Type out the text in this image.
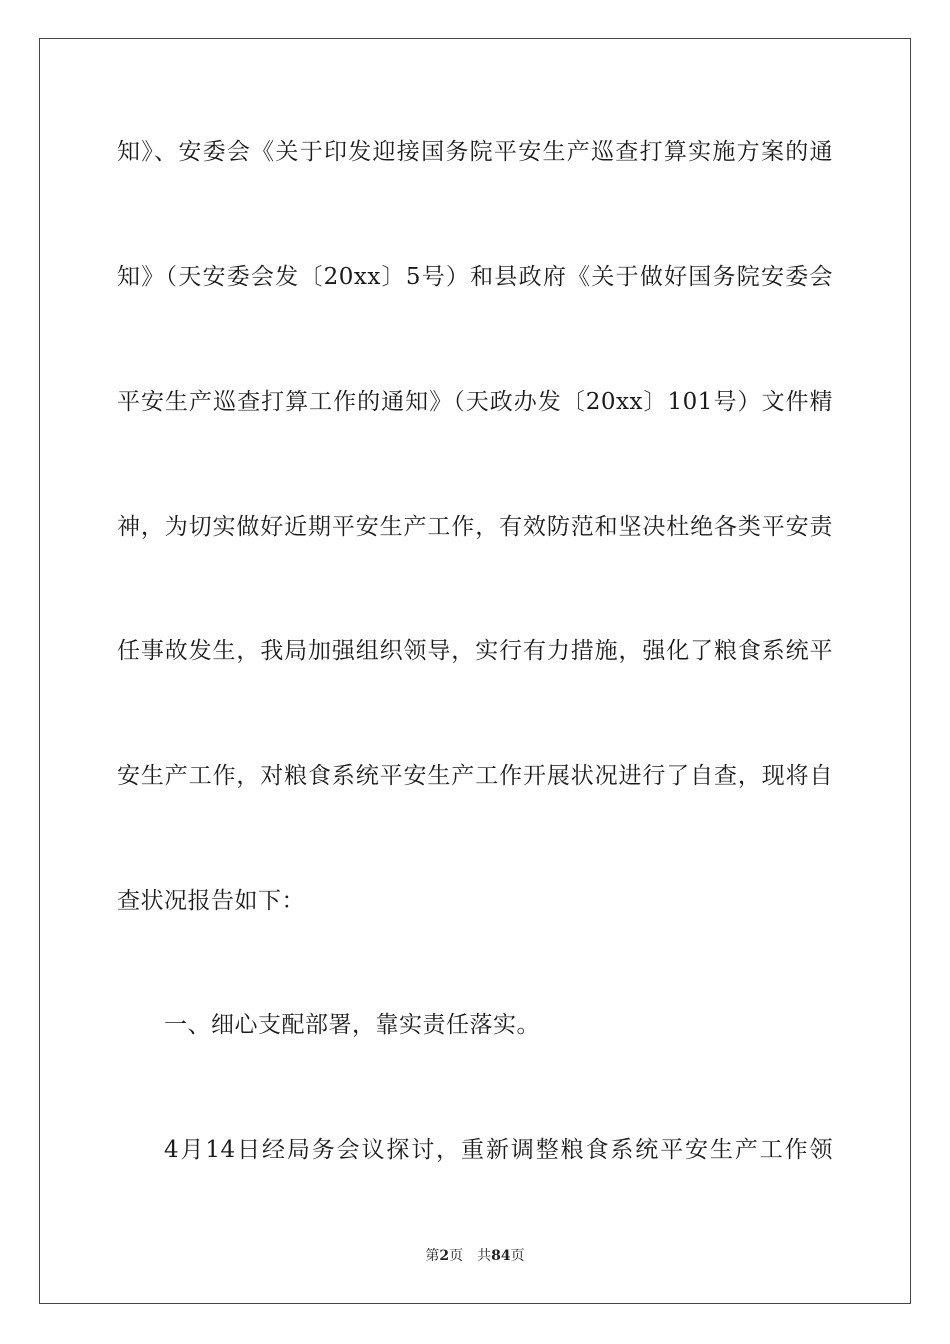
知》、安委会《关于印发迎接国务院平安生产巡查打算实施方案的通
知》（天安委会发〔20xx〕5号）和县政府《关于做好国务院安委会
平安生产巡查打算工作的通知》（天政办发〔20xx〕101号）文件精
神，为切实做好近期平安生产工作，有效防范和坚决杜绝各类平安责
任事故发生，我局加强组织领导，实行有力措施，强化了粮食系统平
安生产工作，对粮食系统平安生产工作开展状况进行了自查，现将自
查状况报告如下：
一、细心支配部署，靠实责任落实。
4月14日经局务会议探讨，重新调整粮食系统平安生产工作领
第2页 共84页
